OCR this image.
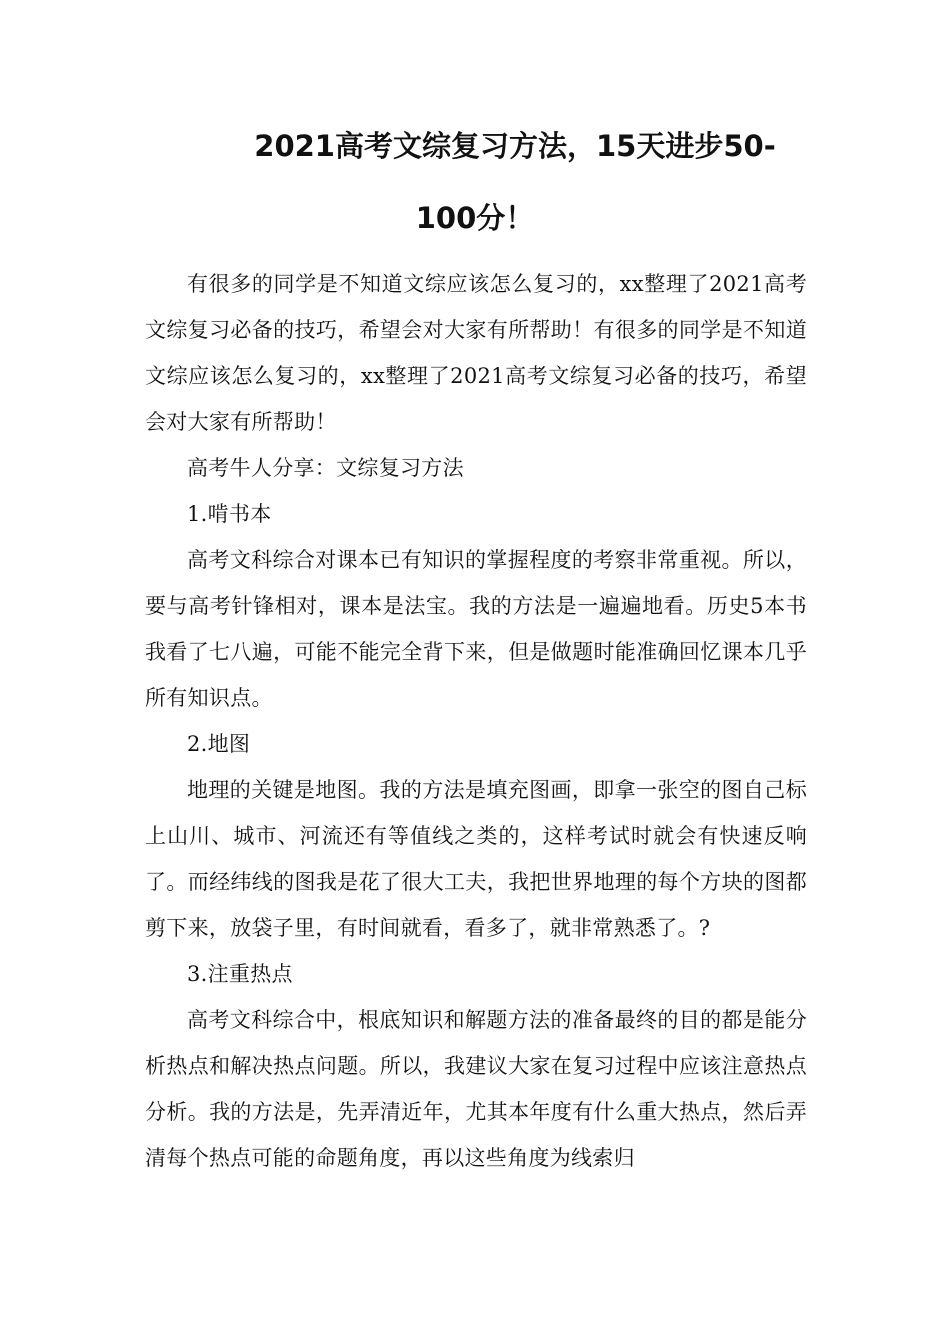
2021高考文综复习方法，15天进步50-
100分！

有很多的同学是不知道文综应该怎么复习的，xx整理了2021高考文综复习必备的技巧，希望会对大家有所帮助！有很多的同学是不知道文综应该怎么复习的，xx整理了2021高考文综复习必备的技巧，希望会对大家有所帮助！

高考牛人分享：文综复习方法

1.啃书本

高考文科综合对课本已有知识的掌握程度的考察非常重视。所以，要与高考针锋相对，课本是法宝。我的方法是一遍遍地看。历史5本书我看了七八遍，可能不能完全背下来，但是做题时能准确回忆课本几乎所有知识点。

2.地图

地理的关键是地图。我的方法是填充图画，即拿一张空的图自己标上山川、城市、河流还有等值线之类的，这样考试时就会有快速反响了。而经纬线的图我是花了很大工夫，我把世界地理的每个方块的图都剪下来，放袋子里，有时间就看，看多了，就非常熟悉了。?

3.注重热点

高考文科综合中，根底知识和解题方法的准备最终的目的都是能分析热点和解决热点问题。所以，我建议大家在复习过程中应该注意热点分析。我的方法是，先弄清近年，尤其本年度有什么重大热点，然后弄清每个热点可能的命题角度，再以这些角度为线索归
